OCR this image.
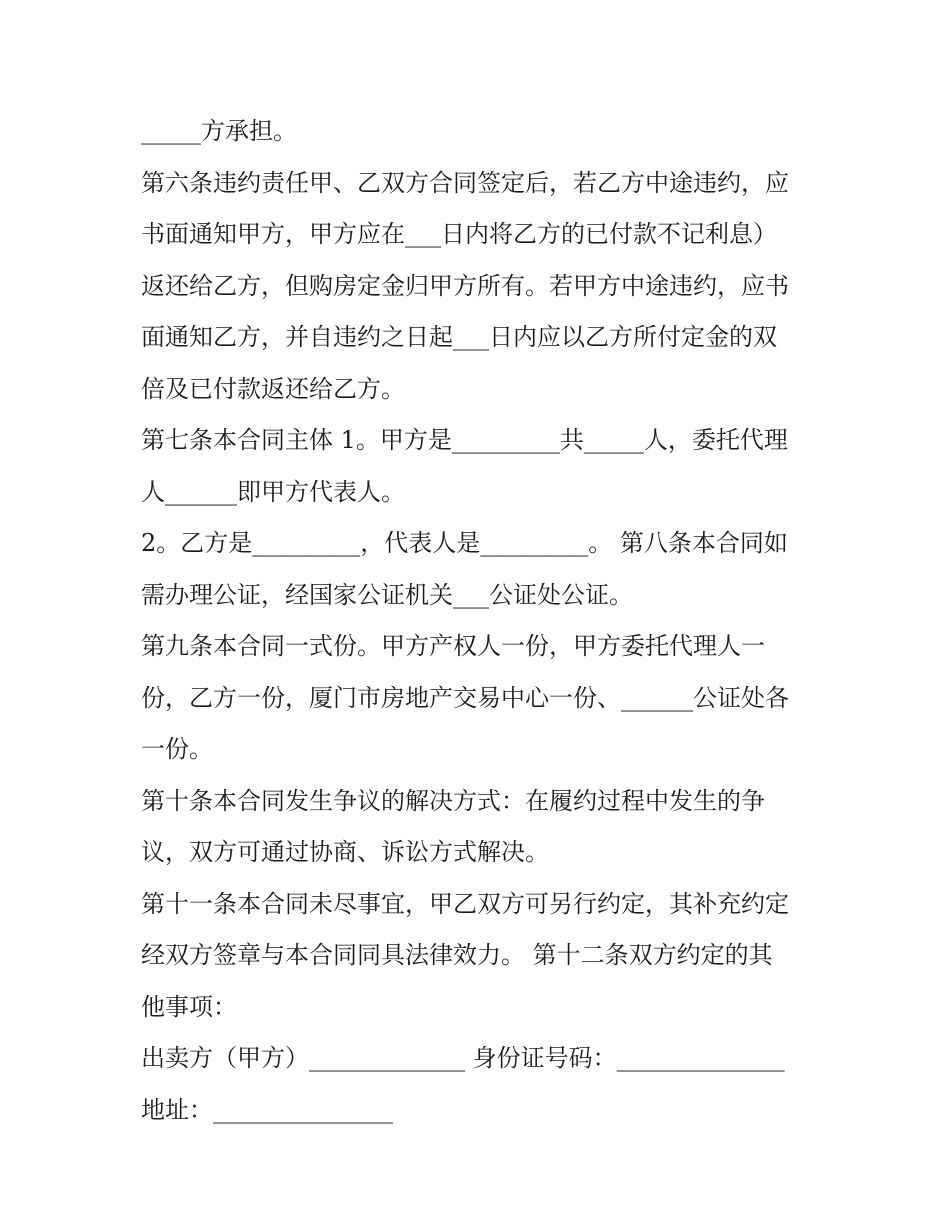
_____方承担。
第六条违约责任甲、乙双方合同签定后，若乙方中途违约，应
书面通知甲方，甲方应在___日内将乙方的已付款不记利息）
返还给乙方，但购房定金归甲方所有。若甲方中途违约，应书
面通知乙方，并自违约之日起___日内应以乙方所付定金的双
倍及已付款返还给乙方。
第七条本合同主体 1。甲方是_________共_____人，委托代理
人______即甲方代表人。
2。乙方是_________，代表人是_________。 第八条本合同如
需办理公证，经国家公证机关___公证处公证。
第九条本合同一式份。甲方产权人一份，甲方委托代理人一
份，乙方一份，厦门市房地产交易中心一份、______公证处各
一份。
第十条本合同发生争议的解决方式：在履约过程中发生的争
议，双方可通过协商、诉讼方式解决。
第十一条本合同未尽事宜，甲乙双方可另行约定，其补充约定
经双方签章与本合同同具法律效力。 第十二条双方约定的其
他事项：
出卖方（甲方）_____________ 身份证号码：______________
地址：_______________
